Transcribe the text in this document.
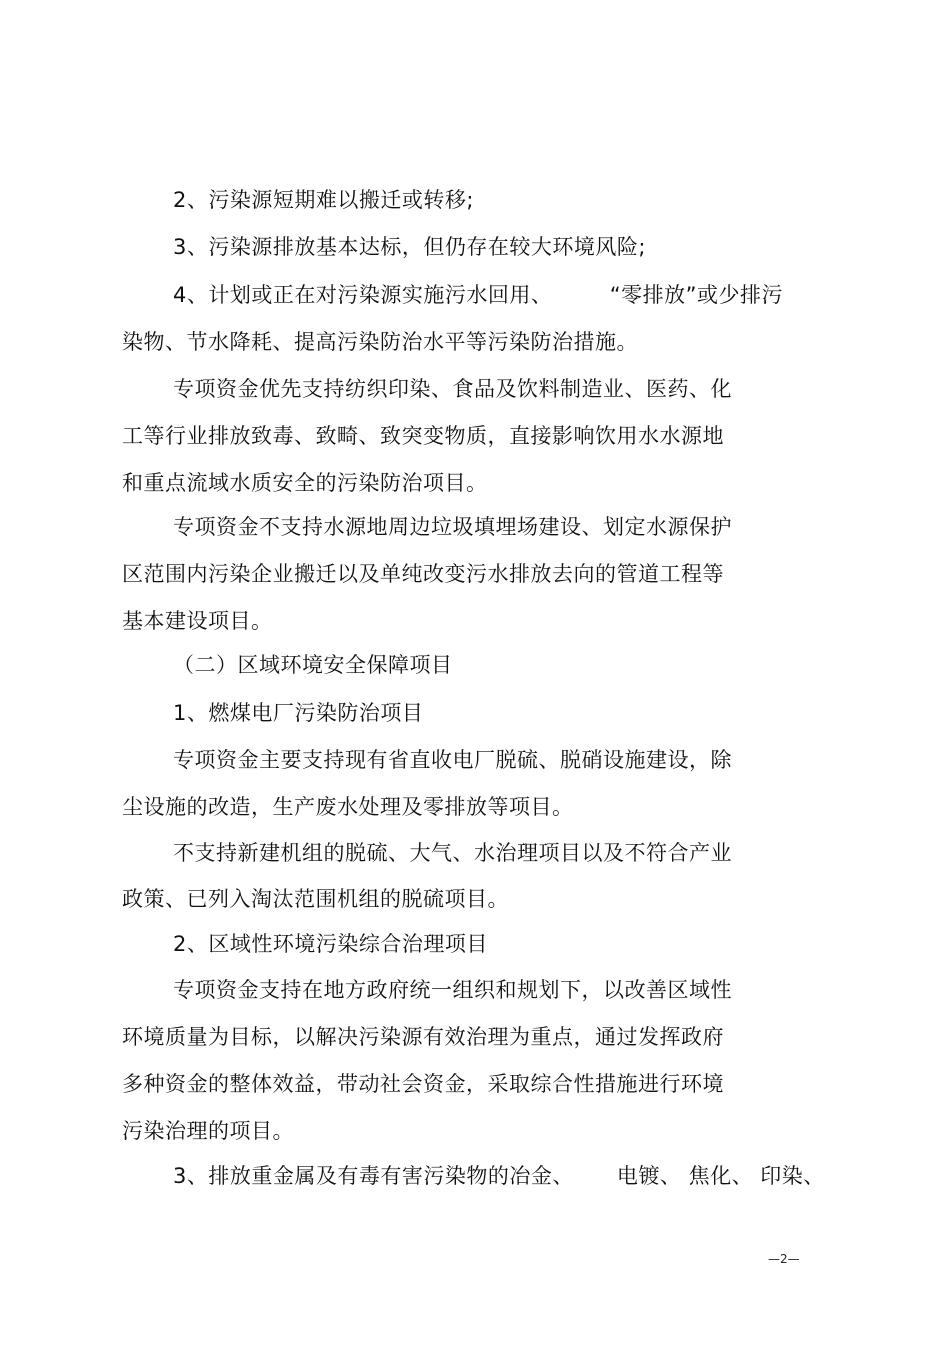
2、污染源短期难以搬迁或转移;
3、污染源排放基本达标，但仍存在较大环境风险;
4、计划或正在对污染源实施污水回用、        “零排放”或少排污
染物、节水降耗、提高污染防治水平等污染防治措施。
专项资金优先支持纺织印染、食品及饮料制造业、医药、化
工等行业排放致毒、致畸、致突变物质，直接影响饮用水水源地
和重点流域水质安全的污染防治项目。
专项资金不支持水源地周边垃圾填埋场建设、划定水源保护
区范围内污染企业搬迁以及单纯改变污水排放去向的管道工程等
基本建设项目。
（二）区域环境安全保障项目
1、燃煤电厂污染防治项目
专项资金主要支持现有省直收电厂脱硫、脱硝设施建设，除
尘设施的改造，生产废水处理及零排放等项目。
不支持新建机组的脱硫、大气、水治理项目以及不符合产业
政策、已列入淘汰范围机组的脱硫项目。
2、区域性环境污染综合治理项目
专项资金支持在地方政府统一组织和规划下，以改善区域性
环境质量为目标，以解决污染源有效治理为重点，通过发挥政府
多种资金的整体效益，带动社会资金，采取综合性措施进行环境
污染治理的项目。
3、排放重金属及有毒有害污染物的冶金、      电镀、 焦化、 印染、
—2—
